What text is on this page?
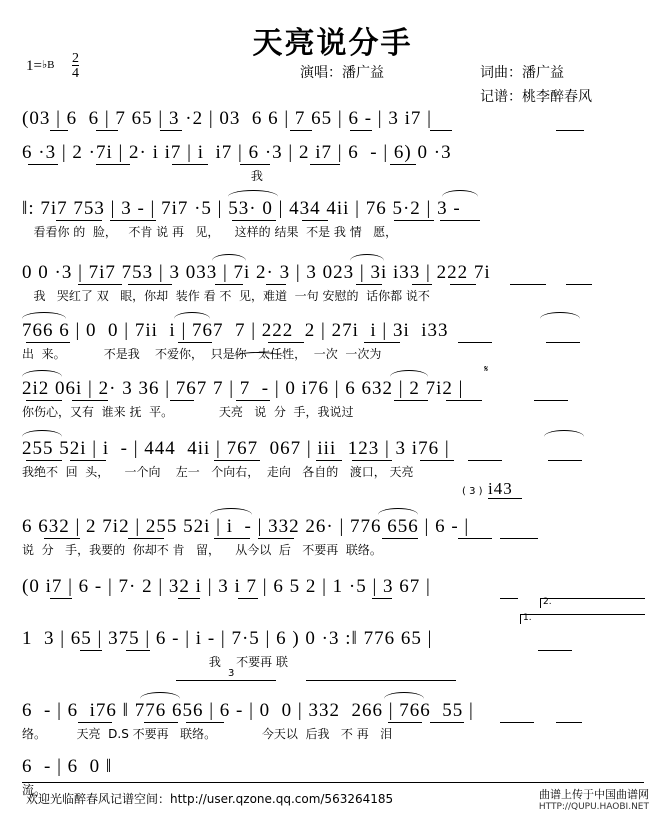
天亮说分手
$1=^{♭B} \frac{2}{4}$	演唱：潘广益	词曲：潘广益
记谱：桃李醉春风
(03 | 6  6 | 7 65 | 3 ·2 | 03  6 6 | 7 65 | 6 - | 3 i7 |
6 ·3 | 2 ·7i | 2· i i7 | i  i7 | 6 ·3 | 2 i7 | 6  - | 6) 0 ·3
我
‖: 7i7 753 | 3 - | 7i7 ·5 | 53· 0 | 434 4ii | 76 5·2 | 3 -
看看你 的  脸，   不肯 说 再   见，    这样的 结果  不是 我 情   愿，
0 0 ·3 | 7i7 753 | 3 033 | 7i 2· 3 | 3 023 | 3i i33 | 222 7i
我   哭红了 双   眼，你却  装作 看 不  见，难道  一句 安慰的  话你都 说不
766 6 | 0  0 | 7ii  i | 767  7 | 222  2 | 27i  i | 3i  i33
出  来。          不是我    不爱你，  只是你   太任性，  一次  一次为
2i2 06i | 2· 3 36 | 767 7 | 7  - | 0 i76 | 6 632 | 2 7i2 |
你伤心，又有  谁来 抚  平。            天亮   说  分  手，我说过
𝄋
255 52i | i  - | 444  4ii | 767  067 | iii  123 | 3 i76 |
我绝不  回  头，    一个向    左一   个向右，  走向   各自的   渡口， 天亮
( 3 ) i43
6 632 | 2 7i2 | 255 52i | i  - | 332 26· | 776 656 | 6 - |
说  分   手，我要的  你却不 肯   留，    从今以  后   不要再  联络。
(0 i7 | 6 - | 7· 2 | 32 i | 3 i 7 | 6 5 2 | 1 ·5 | 3 67 |
1  3 | 65 | 375 | 6 - | i - | 7·5 | 6 ) 0 ·3 :‖ 776 65 |
我    不要再 联
1.
2.
6  - | 6  i76 ‖ 776 656 | 6 - | 0  0 | 332  266 | 766  55 |
络。        天亮  D.S 不要再   联络。            今天以  后我   不 再   泪
3
6  - | 6  0 ‖
流。
欢迎光临醉春风记谱空间：http://user.qzone.qq.com/563264185	曲谱上传于中国曲谱网
HTTP://QUPU.HAOBI.NET
